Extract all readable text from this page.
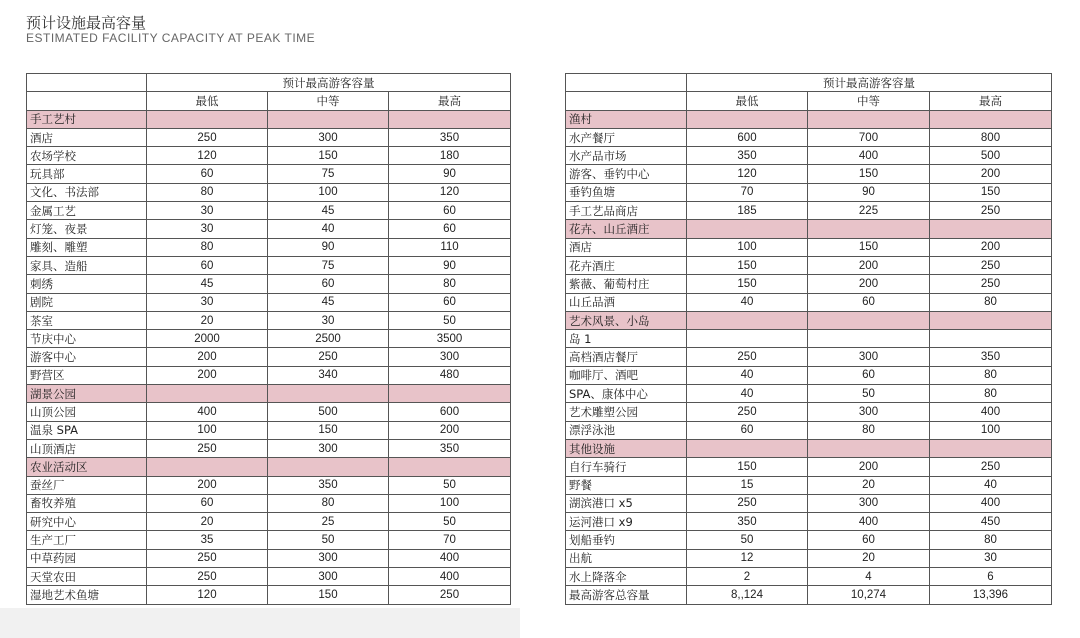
预计设施最高容量
ESTIMATED FACILITY CAPACITY AT PEAK TIME
	预计最高游客容量		
	最低	中等	最高
手工艺村			
酒店	250	300	350
农场学校	120	150	180
玩具部	60	75	90
文化、书法部	80	100	120
金属工艺	30	45	60
灯笼、夜景	30	40	60
雕刻、雕塑	80	90	110
家具、造船	60	75	90
刺绣	45	60	80
剧院	30	45	60
茶室	20	30	50
节庆中心	2000	2500	3500
游客中心	200	250	300
野营区	200	340	480
湖景公园			
山顶公园	400	500	600
温泉 SPA	100	150	200
山顶酒店	250	300	350
农业活动区			
蚕丝厂	200	350	50
畜牧养殖	60	80	100
研究中心	20	25	50
生产工厂	35	50	70
中草药园	250	300	400
天堂农田	250	300	400
湿地艺术鱼塘	120	150	250
	预计最高游客容量		
	最低	中等	最高
渔村			
水产餐厅	600	700	800
水产品市场	350	400	500
游客、垂钓中心	120	150	200
垂钓鱼塘	70	90	150
手工艺品商店	185	225	250
花卉、山丘酒庄			
酒店	100	150	200
花卉酒庄	150	200	250
紫薇、葡萄村庄	150	200	250
山丘品酒	40	60	80
艺术风景、小岛			
岛 1			
高档酒店餐厅	250	300	350
咖啡厅、酒吧	40	60	80
SPA、康体中心	40	50	80
艺术雕塑公园	250	300	400
漂浮泳池	60	80	100
其他设施			
自行车骑行	150	200	250
野餐	15	20	40
湖滨港口 x5	250	300	400
运河港口 x9	350	400	450
划船垂钓	50	60	80
出航	12	20	30
水上降落伞	2	4	6
最高游客总容量	8,,124	10,274	13,396
